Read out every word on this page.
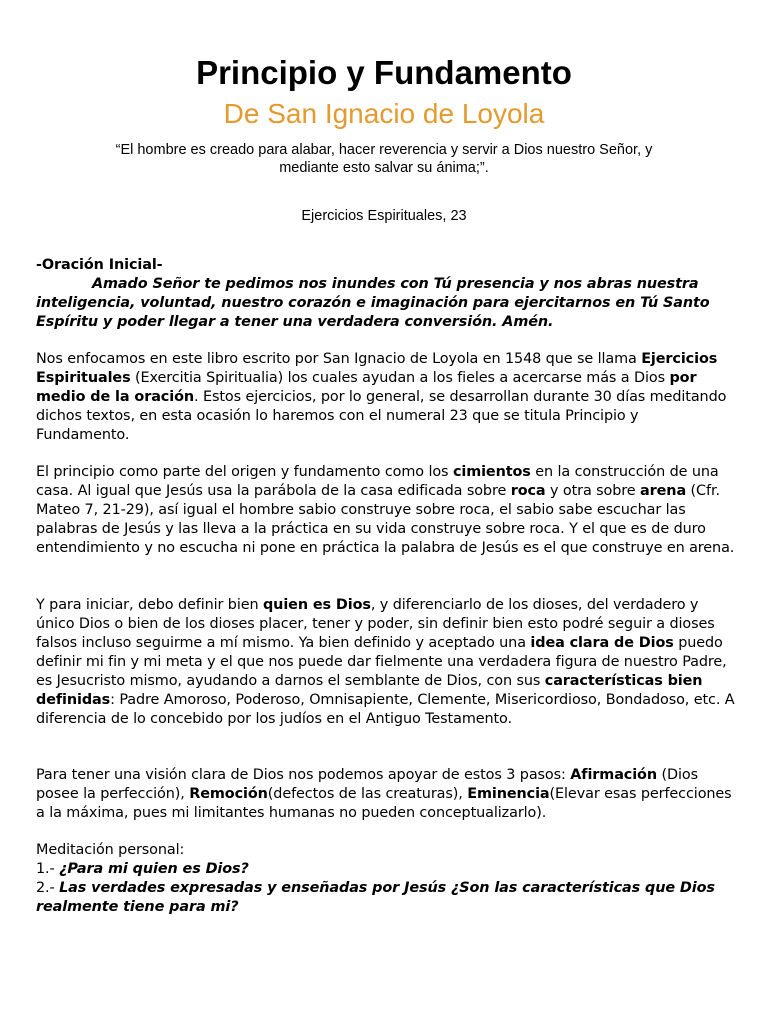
Principio y Fundamento
De San Ignacio de Loyola
“El hombre es creado para alabar, hacer reverencia y servir a Dios nuestro Señor, y
mediante esto salvar su ánima;”.
Ejercicios Espirituales, 23

-Oración Inicial-

Amado Señor te pedimos nos inundes con Tú presencia y nos abras nuestra inteligencia, voluntad, nuestro corazón e imaginación para ejercitarnos en Tú Santo Espíritu y poder llegar a tener una verdadera conversión. Amén.

Nos enfocamos en este libro escrito por San Ignacio de Loyola en 1548 que se llama Ejercicios Espirituales (Exercitia Spiritualia) los cuales ayudan a los fieles a acercarse más a Dios por medio de la oración. Estos ejercicios, por lo general, se desarrollan durante 30 días meditando dichos textos, en esta ocasión lo haremos con el numeral 23 que se titula Principio y Fundamento.

El principio como parte del origen y fundamento como los cimientos en la construcción de una casa. Al igual que Jesús usa la parábola de la casa edificada sobre roca y otra sobre arena (Cfr. Mateo 7, 21-29), así igual el hombre sabio construye sobre roca, el sabio sabe escuchar las palabras de Jesús y las lleva a la práctica en su vida construye sobre roca. Y el que es de duro entendimiento y no escucha ni pone en práctica la palabra de Jesús es el que construye en arena.

Y para iniciar, debo definir bien quien es Dios, y diferenciarlo de los dioses, del verdadero y único Dios o bien de los dioses placer, tener y poder, sin definir bien esto podré seguir a dioses falsos incluso seguirme a mí mismo. Ya bien definido y aceptado una idea clara de Dios puedo definir mi fin y mi meta y el que nos puede dar fielmente una verdadera figura de nuestro Padre, es Jesucristo mismo, ayudando a darnos el semblante de Dios, con sus características bien definidas: Padre Amoroso, Poderoso, Omnisapiente, Clemente, Misericordioso, Bondadoso, etc. A diferencia de lo concebido por los judíos en el Antiguo Testamento.

Para tener una visión clara de Dios nos podemos apoyar de estos 3 pasos: Afirmación (Dios posee la perfección), Remoción(defectos de las creaturas), Eminencia(Elevar esas perfecciones a la máxima, pues mi limitantes humanas no pueden conceptualizarlo).

Meditación personal:

1.- ¿Para mi quien es Dios?

2.- Las verdades expresadas y enseñadas por Jesús ¿Son las características que Dios realmente tiene para mi?
